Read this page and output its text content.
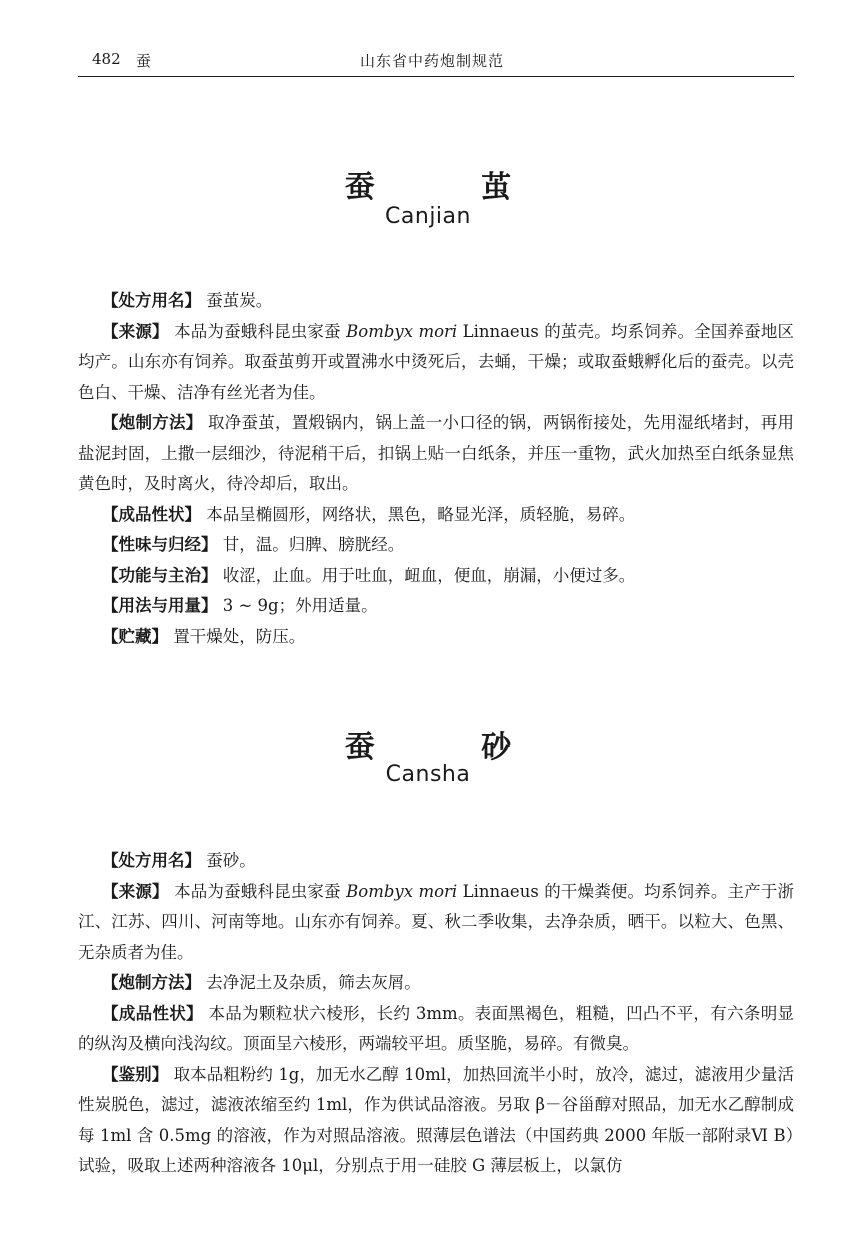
482 蚕	山东省中药炮制规范
蚕 茧
Canjian

【处方用名】 蚕茧炭。

【来源】 本品为蚕蛾科昆虫家蚕 Bombyx mori Linnaeus 的茧壳。均系饲养。全国养蚕地区均产。山东亦有饲养。取蚕茧剪开或置沸水中烫死后，去蛹，干燥；或取蚕蛾孵化后的蚕壳。以壳色白、干燥、洁净有丝光者为佳。

【炮制方法】 取净蚕茧，置煅锅内，锅上盖一小口径的锅，两锅衔接处，先用湿纸堵封，再用盐泥封固，上撒一层细沙，待泥稍干后，扣锅上贴一白纸条，并压一重物，武火加热至白纸条显焦黄色时，及时离火，待冷却后，取出。

【成品性状】 本品呈椭圆形，网络状，黑色，略显光泽，质轻脆，易碎。

【性味与归经】 甘，温。归脾、膀胱经。

【功能与主治】 收涩，止血。用于吐血，衄血，便血，崩漏，小便过多。

【用法与用量】 3 ~ 9g；外用适量。

【贮藏】 置干燥处，防压。

蚕 砂
Cansha

【处方用名】 蚕砂。

【来源】 本品为蚕蛾科昆虫家蚕 Bombyx mori Linnaeus 的干燥粪便。均系饲养。主产于浙江、江苏、四川、河南等地。山东亦有饲养。夏、秋二季收集，去净杂质，晒干。以粒大、色黑、无杂质者为佳。

【炮制方法】 去净泥土及杂质，筛去灰屑。

【成品性状】 本品为颗粒状六棱形，长约 3mm。表面黑褐色，粗糙，凹凸不平，有六条明显的纵沟及横向浅沟纹。顶面呈六棱形，两端较平坦。质坚脆，易碎。有微臭。

【鉴别】 取本品粗粉约 1g，加无水乙醇 10ml，加热回流半小时，放冷，滤过，滤液用少量活性炭脱色，滤过，滤液浓缩至约 1ml，作为供试品溶液。另取 β－谷甾醇对照品，加无水乙醇制成每 1ml 含 0.5mg 的溶液，作为对照品溶液。照薄层色谱法（中国药典 2000 年版一部附录Ⅵ B）试验，吸取上述两种溶液各 10μl，分别点于用一硅胶 G 薄层板上，以氯仿
